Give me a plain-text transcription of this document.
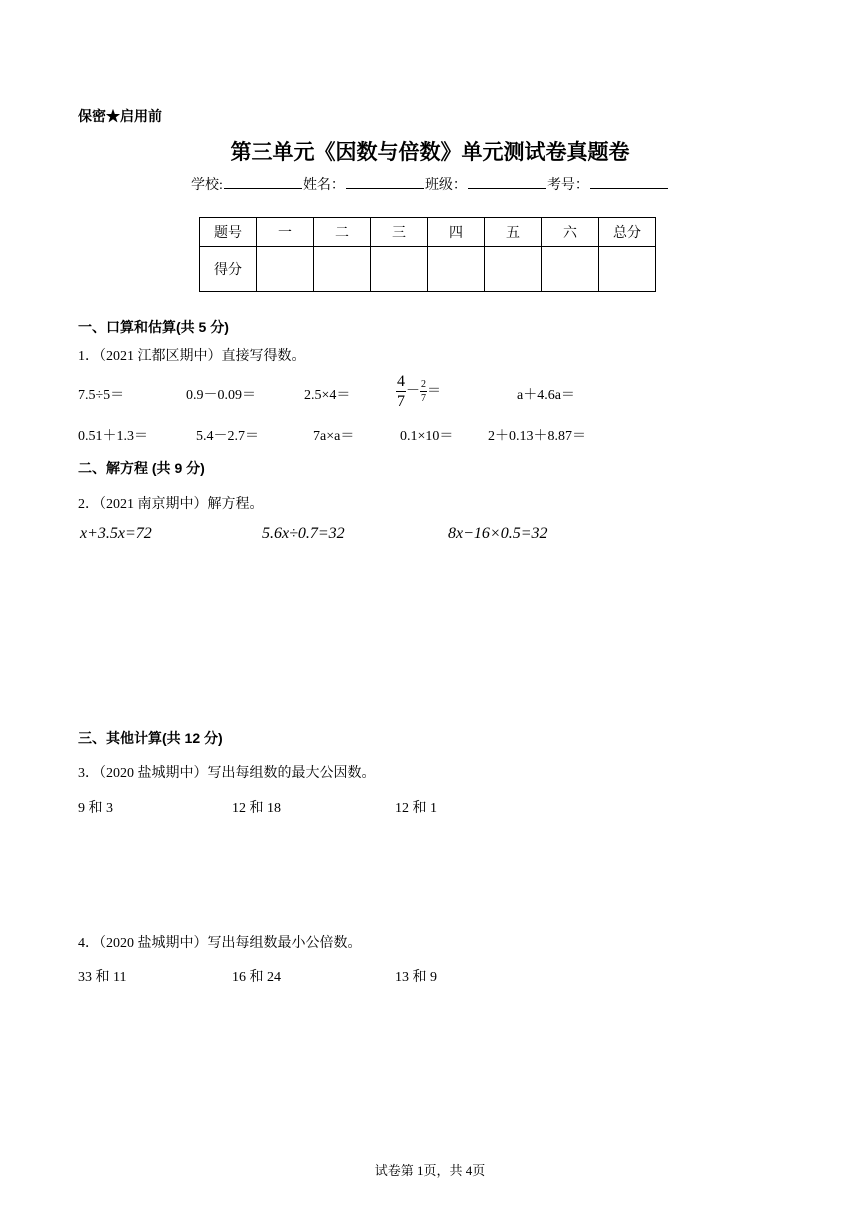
保密★启用前
第三单元《因数与倍数》单元测试卷真题卷
学校:	姓名：	班级：	考号：
题号	一	二	三	四	五	六	总分
得分							
一、口算和估算(共 5 分)
1．（2021 江都区期中）直接写得数。
7.5÷5＝	0.9－0.09＝	2.5×4＝	$\frac{4}{7} - \frac{2}{7}$ ＝	a＋4.6a＝
0.51＋1.3＝	5.4－2.7＝	7a×a＝	0.1×10＝ 2＋0.13＋8.87＝
二、解方程 (共 9 分)
2．（2021 南京期中）解方程。
x+3.5x=72	5.6x÷0.7=32	8x−16×0.5=32
三、其他计算(共 12 分)
3．（2020 盐城期中）写出每组数的最大公因数。
9 和 3	12 和 18	12 和 1
4．（2020 盐城期中）写出每组数最小公倍数。
33 和 11	16 和 24	13 和 9
试卷第 1页，共 4页
